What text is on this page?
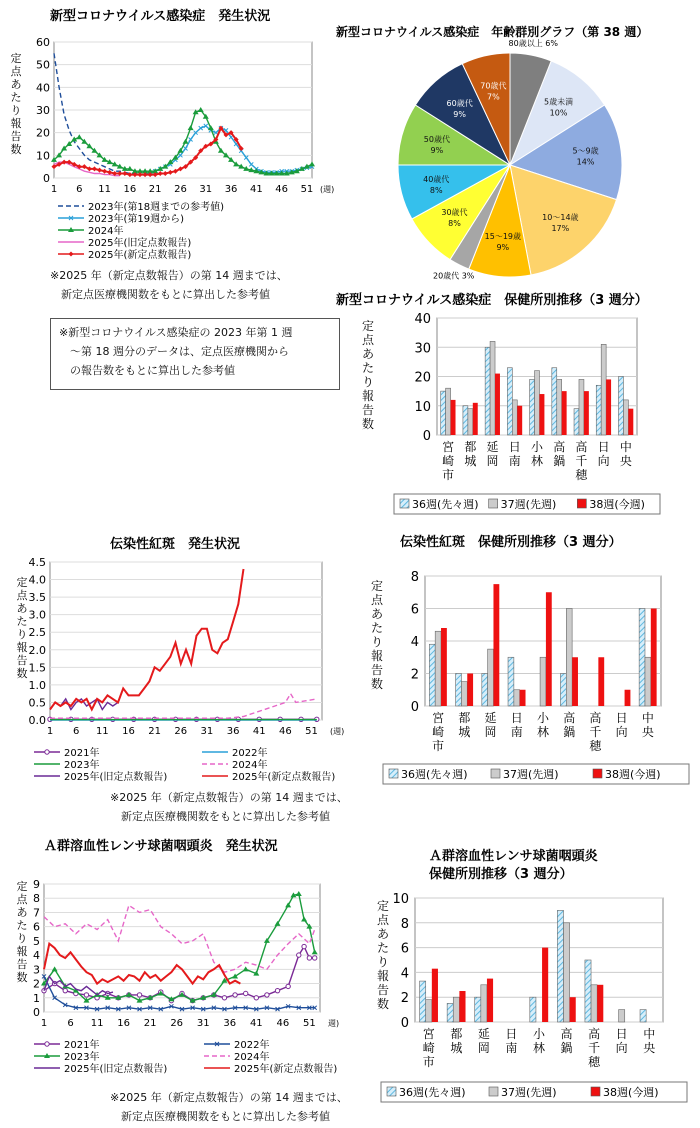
新型コロナウイルス感染症　発生状況
定
点
あ
た
り
報
告
数
0
10
20
30
40
50
60
1 6 11 16 21 26 31 36 41 46 51 (週)
2023年(第18週までの参考値)
2023年(第19週から)
2024年
2025年(旧定点数報告)
2025年(新定点数報告)
※2025 年（新定点数報告）の第 14 週までは、
　新定点医療機関数をもとに算出した参考値
※新型コロナウイルス感染症の 2023 年第 1 週
　～第 18 週分のデータは、定点医療機関から
　の報告数をもとに算出した参考値
新型コロナウイルス感染症　年齢群別グラフ（第 38 週）
5歳未満
10%
5～9歳
14%
10～14歳
17%
15～19歳
9%
20歳代 3%
30歳代
8%
40歳代
8%
50歳代
9%
60歳代
9%
70歳代
7%
80歳以上 6%
新型コロナウイルス感染症　保健所別推移（3 週分）
定
点
あ
た
り
報
告
数
0
10
20
30
40
宮
崎
市
都
城
延
岡
日
南
小
林
高
鍋
高
千
穂
日
向
中
央
36週(先々週) 37週(先週)	38週(今週)
伝染性紅斑　発生状況
定
点
あ
た
り
報
告
数
0.0
0.5
1.0
1.5
2.0
2.5
3.0
3.5
4.0
4.5
1 6 11 16 21 26 31 36 41 46 51 (週)
2021年	2022年
2023年	2024年
2025年(旧定点数報告)	2025年(新定点数報告)
※2025 年（新定点数報告）の第 14 週までは、
　新定点医療機関数をもとに算出した参考値
伝染性紅斑　保健所別推移（3 週分）
定
点
あ
た
り
報
告
数
0
2
4
6
8
宮
崎
市
都
城
延
岡
日
南
小
林
高
鍋
高
千
穂
日
向
中
央
36週(先々週)	37週(先週)	38週(今週)
Ａ群溶血性レンサ球菌咽頭炎　発生状況
定
点
あ
た
り
報
告
数
0
1
2
3
4
5
6
7
8
9
1 6 11 16 21 26 31 36 41 46 51 週)
2021年	2022年
2023年	2024年
2025年(旧定点数報告)	2025年(新定点数報告)
※2025 年（新定点数報告）の第 14 週までは、
　新定点医療機関数をもとに算出した参考値
Ａ群溶血性レンサ球菌咽頭炎
保健所別推移（3 週分）
定
点
あ
た
り
報
告
数
0
2
4
6
8
10
宮
崎
市
都
城
延
岡
日
南
小
林
高
鍋
高
千
穂
日
向
中
央
36週(先々週)	37週(先週)	38週(今週)
